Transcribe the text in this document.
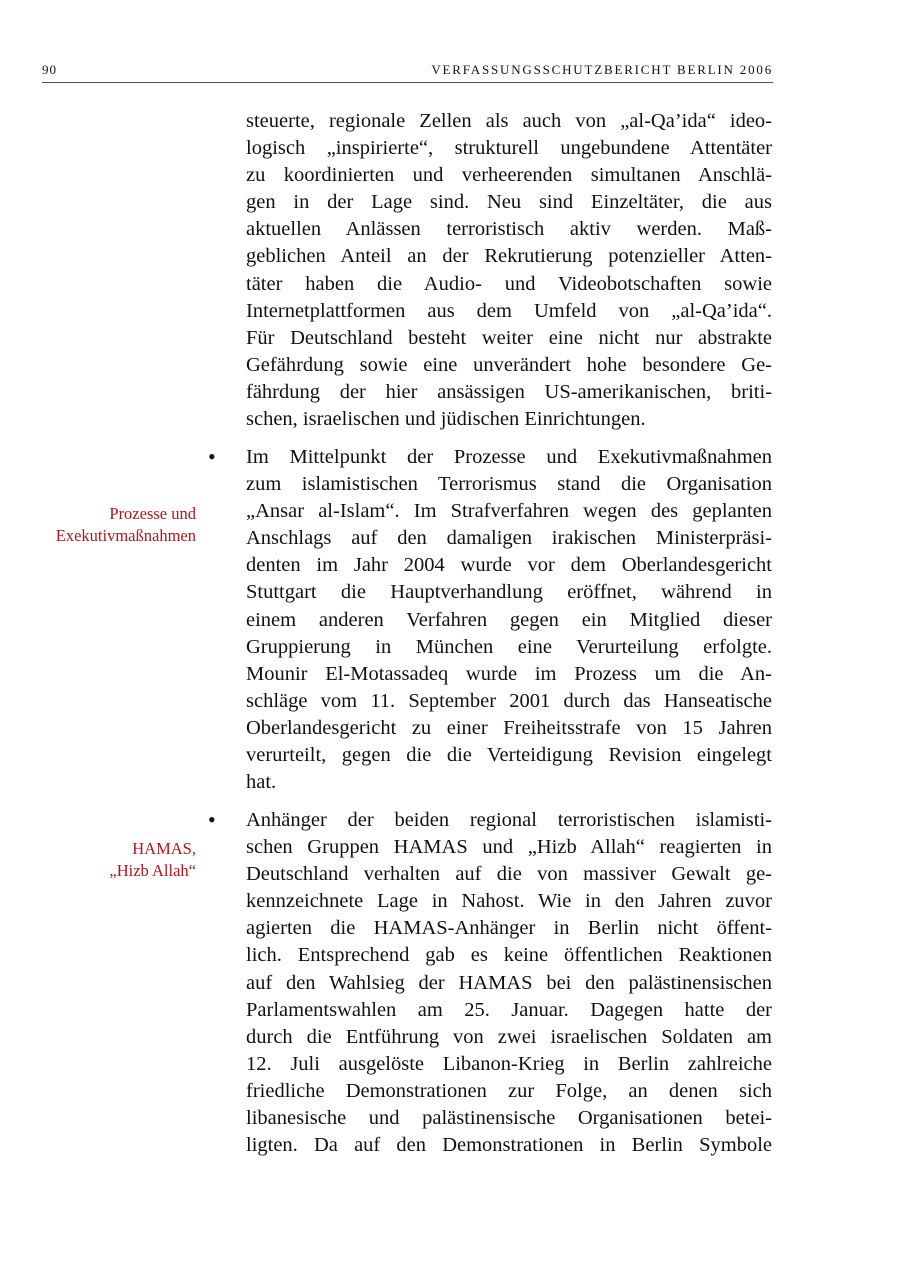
90	VERFASSUNGSSCHUTZBERICHT BERLIN 2006
steuerte, regionale Zellen als auch von „al-Qa’ida“ ideo-
logisch „inspirierte“, strukturell ungebundene Attentäter
zu koordinierten und verheerenden simultanen Anschlä-
gen in der Lage sind. Neu sind Einzeltäter, die aus
aktuellen Anlässen terroristisch aktiv werden. Maß-
geblichen Anteil an der Rekrutierung potenzieller Atten-
täter haben die Audio- und Videobotschaften sowie
Internetplattformen aus dem Umfeld von „al-Qa’ida“.
Für Deutschland besteht weiter eine nicht nur abstrakte
Gefährdung sowie eine unverändert hohe besondere Ge-
fährdung der hier ansässigen US-amerikanischen, briti-
schen, israelischen und jüdischen Einrichtungen.
•
Prozesse und
Exekutivmaßnahmen
Im Mittelpunkt der Prozesse und Exekutivmaßnahmen
zum islamistischen Terrorismus stand die Organisation
„Ansar al-Islam“. Im Strafverfahren wegen des geplanten
Anschlags auf den damaligen irakischen Ministerpräsi-
denten im Jahr 2004 wurde vor dem Oberlandesgericht
Stuttgart die Hauptverhandlung eröffnet, während in
einem anderen Verfahren gegen ein Mitglied dieser
Gruppierung in München eine Verurteilung erfolgte.
Mounir El-Motassadeq wurde im Prozess um die An-
schläge vom 11. September 2001 durch das Hanseatische
Oberlandesgericht zu einer Freiheitsstrafe von 15 Jahren
verurteilt, gegen die die Verteidigung Revision eingelegt
hat.
•
HAMAS,
„Hizb Allah“
Anhänger der beiden regional terroristischen islamisti-
schen Gruppen HAMAS und „Hizb Allah“ reagierten in
Deutschland verhalten auf die von massiver Gewalt ge-
kennzeichnete Lage in Nahost. Wie in den Jahren zuvor
agierten die HAMAS-Anhänger in Berlin nicht öffent-
lich. Entsprechend gab es keine öffentlichen Reaktionen
auf den Wahlsieg der HAMAS bei den palästinensischen
Parlamentswahlen am 25. Januar. Dagegen hatte der
durch die Entführung von zwei israelischen Soldaten am
12. Juli ausgelöste Libanon-Krieg in Berlin zahlreiche
friedliche Demonstrationen zur Folge, an denen sich
libanesische und palästinensische Organisationen betei-
ligten. Da auf den Demonstrationen in Berlin Symbole
